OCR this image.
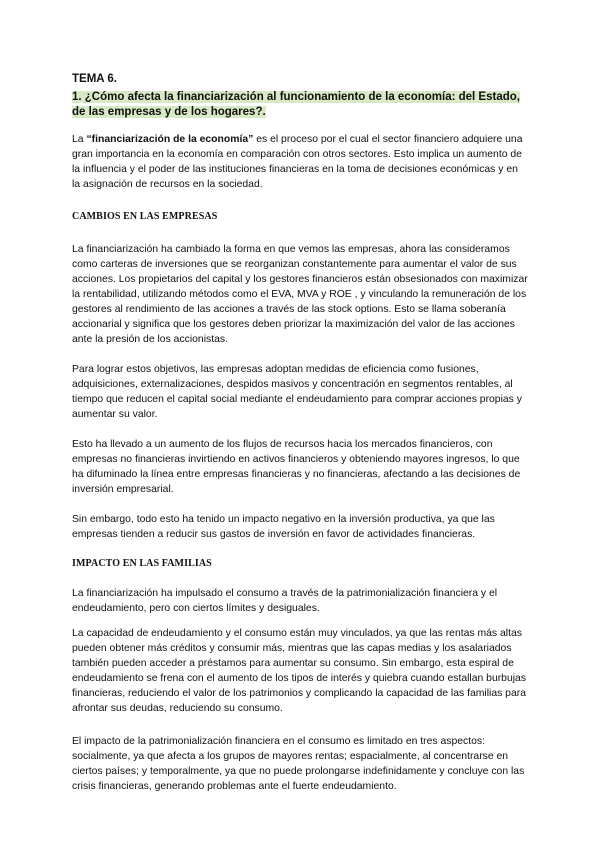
TEMA 6.
1. ¿Cómo afecta la financiarización al funcionamiento de la economía: del Estado, de las empresas y de los hogares?.

La “financiarización de la economía” es el proceso por el cual el sector financiero adquiere una gran importancia en la economía en comparación con otros sectores. Esto implica un aumento de la influencia y el poder de las instituciones financieras en la toma de decisiones económicas y en la asignación de recursos en la sociedad.

CAMBIOS EN LAS EMPRESAS

La financiarización ha cambiado la forma en que vemos las empresas, ahora las consideramos como carteras de inversiones que se reorganizan constantemente para aumentar el valor de sus acciones. Los propietarios del capital y los gestores financieros están obsesionados con maximizar la rentabilidad, utilizando métodos como el EVA, MVA y ROE , y vinculando la remuneración de los gestores al rendimiento de las acciones a través de las stock options. Esto se llama soberanía accionarial y significa que los gestores deben priorizar la maximización del valor de las acciones ante la presión de los accionistas.

Para lograr estos objetivos, las empresas adoptan medidas de eficiencia como fusiones, adquisiciones, externalizaciones, despidos masivos y concentración en segmentos rentables, al tiempo que reducen el capital social mediante el endeudamiento para comprar acciones propias y aumentar su valor.

Esto ha llevado a un aumento de los flujos de recursos hacia los mercados financieros, con empresas no financieras invirtiendo en activos financieros y obteniendo mayores ingresos, lo que ha difuminado la línea entre empresas financieras y no financieras, afectando a las decisiones de inversión empresarial.

Sin embargo, todo esto ha tenido un impacto negativo en la inversión productiva, ya que las empresas tienden a reducir sus gastos de inversión en favor de actividades financieras.

IMPACTO EN LAS FAMILIAS

La financiarización ha impulsado el consumo a través de la patrimonialización financiera y el endeudamiento, pero con ciertos límites y desiguales.

La capacidad de endeudamiento y el consumo están muy vinculados, ya que las rentas más altas pueden obtener más créditos y consumir más, mientras que las capas medias y los asalariados también pueden acceder a préstamos para aumentar su consumo. Sin embargo, esta espiral de endeudamiento se frena con el aumento de los tipos de interés y quiebra cuando estallan burbujas financieras, reduciendo el valor de los patrimonios y complicando la capacidad de las familias para afrontar sus deudas, reduciendo su consumo.

El impacto de la patrimonialización financiera en el consumo es limitado en tres aspectos: socialmente, ya que afecta a los grupos de mayores rentas; espacialmente, al concentrarse en ciertos países; y temporalmente, ya que no puede prolongarse indefinidamente y concluye con las crisis financieras, generando problemas ante el fuerte endeudamiento.
